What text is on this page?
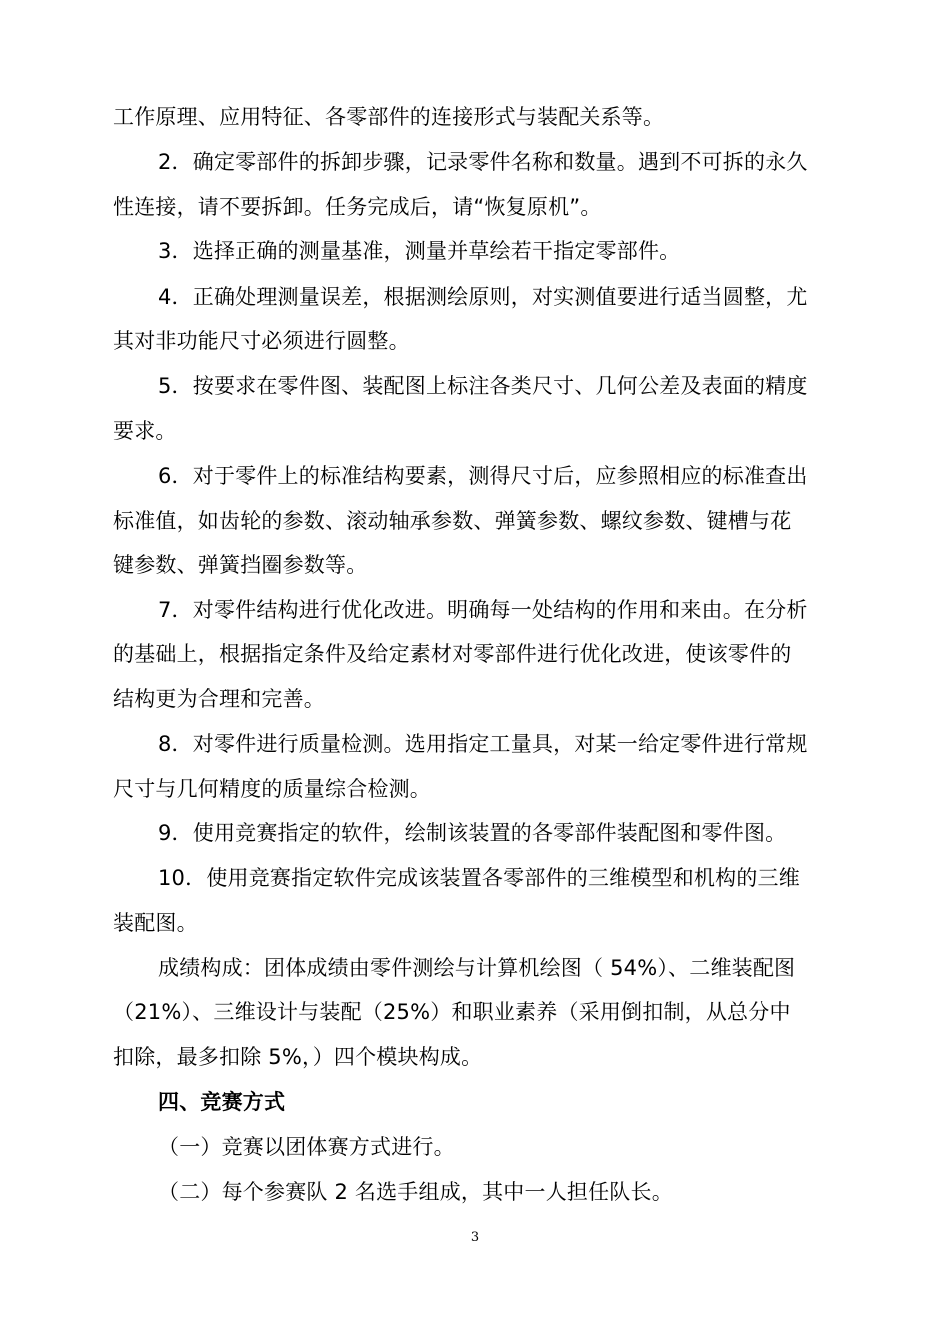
工作原理、应用特征、各零部件的连接形式与装配关系等。
2．确定零部件的拆卸步骤，记录零件名称和数量。遇到不可拆的永久
性连接，请不要拆卸。任务完成后，请“恢复原机”。
3．选择正确的测量基准，测量并草绘若干指定零部件。
4．正确处理测量误差，根据测绘原则，对实测值要进行适当圆整，尤
其对非功能尺寸必须进行圆整。
5．按要求在零件图、装配图上标注各类尺寸、几何公差及表面的精度
要求。
6．对于零件上的标准结构要素，测得尺寸后，应参照相应的标准查出
标准值，如齿轮的参数、滚动轴承参数、弹簧参数、螺纹参数、键槽与花
键参数、弹簧挡圈参数等。
7．对零件结构进行优化改进。明确每一处结构的作用和来由。在分析
的基础上，根据指定条件及给定素材对零部件进行优化改进，使该零件的
结构更为合理和完善。
8．对零件进行质量检测。选用指定工量具，对某一给定零件进行常规
尺寸与几何精度的质量综合检测。
9．使用竞赛指定的软件，绘制该装置的各零部件装配图和零件图。
10．使用竞赛指定软件完成该装置各零部件的三维模型和机构的三维
装配图。
成绩构成：团体成绩由零件测绘与计算机绘图（ 54%）、二维装配图
（21%）、三维设计与装配（25%）和职业素养（采用倒扣制，从总分中
扣除，最多扣除 5%，）四个模块构成。
四、竞赛方式
（一）竞赛以团体赛方式进行。
（二）每个参赛队 2 名选手组成，其中一人担任队长。
3
